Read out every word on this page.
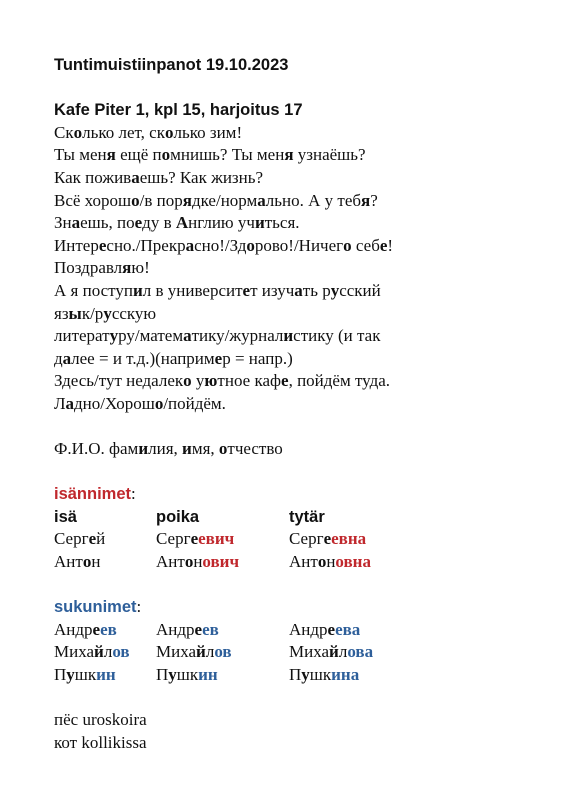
Tuntimuistiinpanot 19.10.2023
Kafe Piter 1, kpl 15, harjoitus 17
Сколько лет, сколько зим!
Ты меня ещё помнишь? Ты меня узнаёшь?
Как поживаешь? Как жизнь?
Всё хорошо/в порядке/нормально. А у тебя?
Знаешь, поеду в Англию учиться.
Интересно./Прекрасно!/Здорово!/Ничего себе!
Поздравляю!
А я поступил в университет изучать русский
язык/русскую
литературу/математику/журналистику (и так
далее = и т.д.)(например = напр.)
Здесь/тут недалеко уютное кафе, пойдём туда.
Ладно/Хорошо/пойдём.
Ф.И.О. фамилия, имя, отчество
isännimet:
isä	poika	tytär
Сергей	Сергеевич	Сергеевна
Антон	Антонович	Антоновна
sukunimet:
Андреев	Андреев	Андреева
Михайлов	Михайлов	Михайлова
Пушкин	Пушкин	Пушкина
пёс uroskoira
кот kollikissa
